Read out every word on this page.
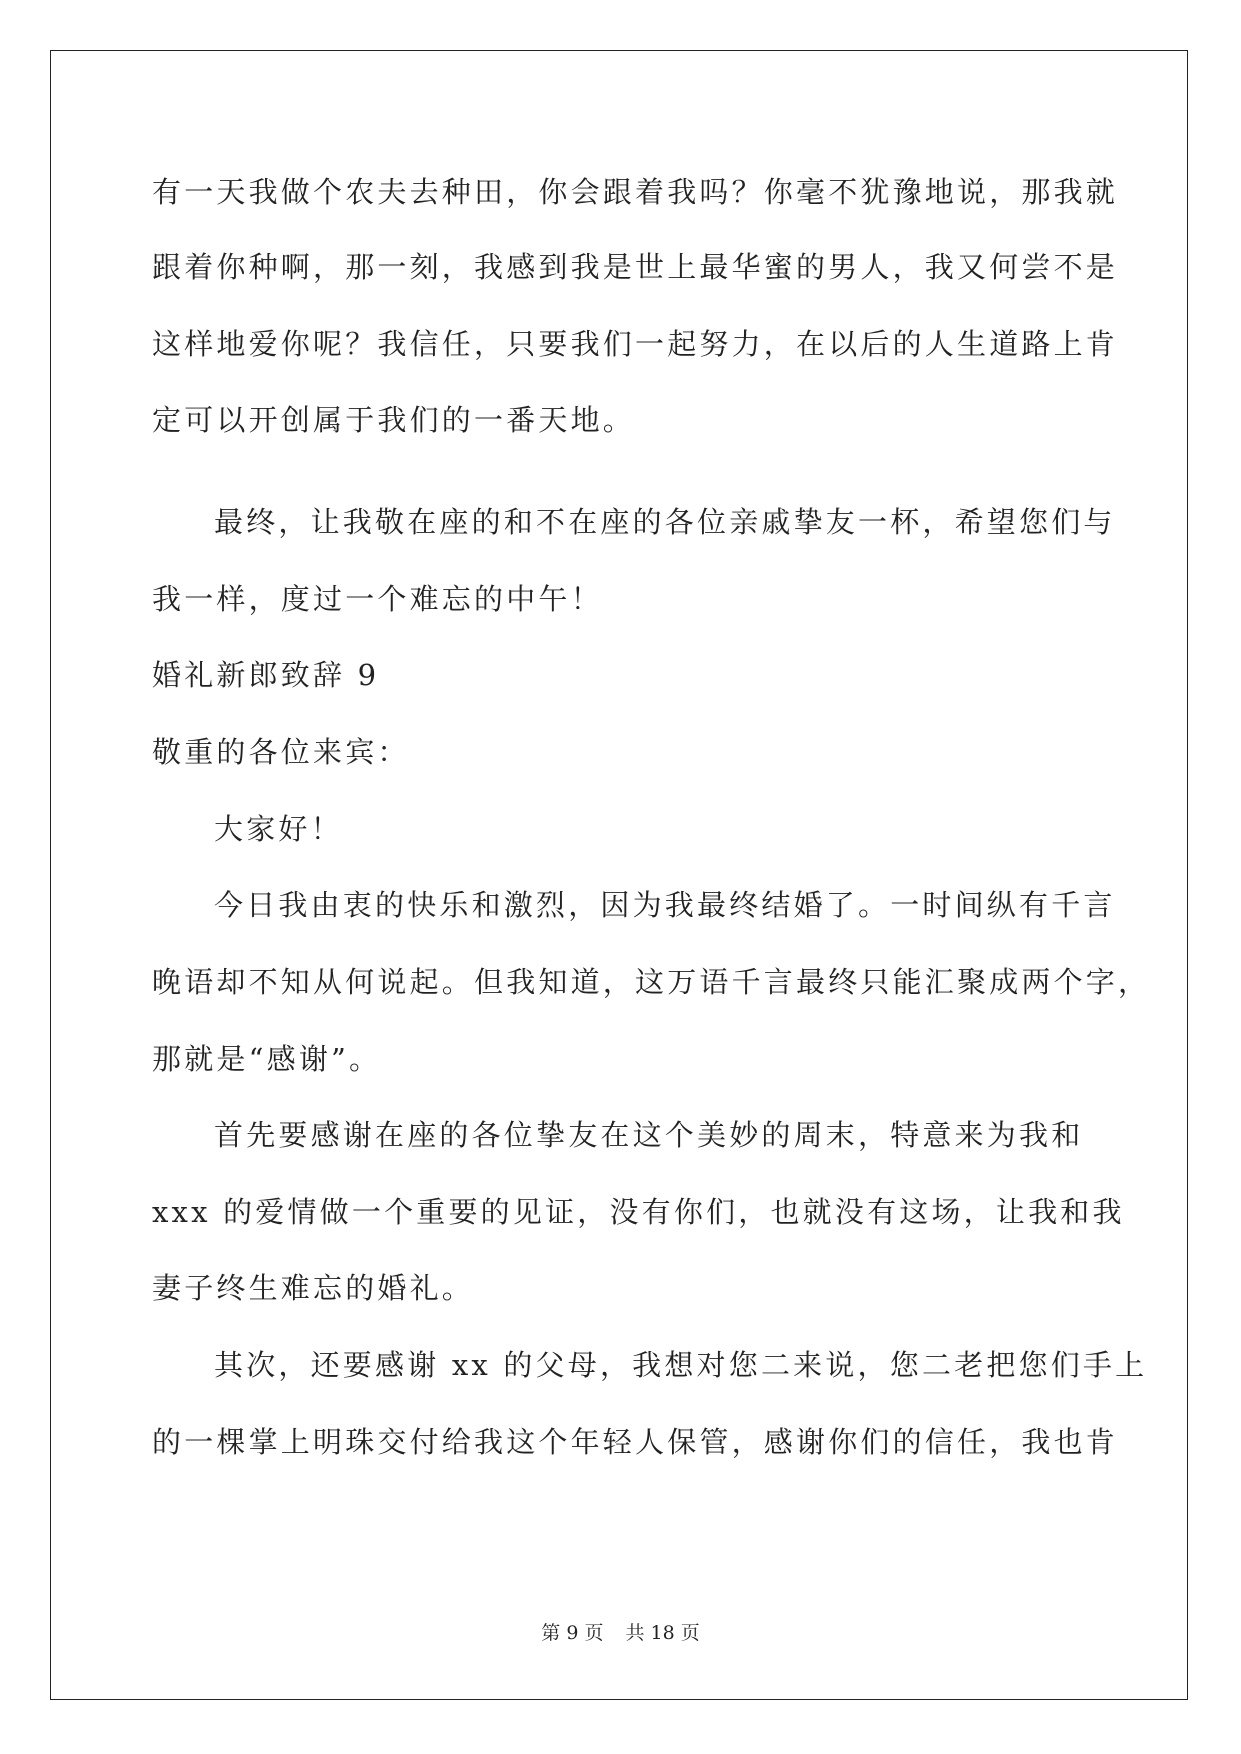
有一天我做个农夫去种田，你会跟着我吗？你毫不犹豫地说，那我就

跟着你种啊，那一刻，我感到我是世上最华蜜的男人，我又何尝不是

这样地爱你呢？我信任，只要我们一起努力，在以后的人生道路上肯

定可以开创属于我们的一番天地。

最终，让我敬在座的和不在座的各位亲戚挚友一杯，希望您们与

我一样，度过一个难忘的中午！

婚礼新郎致辞 9

敬重的各位来宾：

大家好！

今日我由衷的快乐和激烈，因为我最终结婚了。一时间纵有千言

晚语却不知从何说起。但我知道，这万语千言最终只能汇聚成两个字，

那就是“感谢”。

首先要感谢在座的各位挚友在这个美妙的周末，特意来为我和

xxx 的爱情做一个重要的见证，没有你们，也就没有这场，让我和我

妻子终生难忘的婚礼。

其次，还要感谢 xx 的父母，我想对您二来说，您二老把您们手上

的一棵掌上明珠交付给我这个年轻人保管，感谢你们的信任，我也肯

第 9 页 共 18 页
